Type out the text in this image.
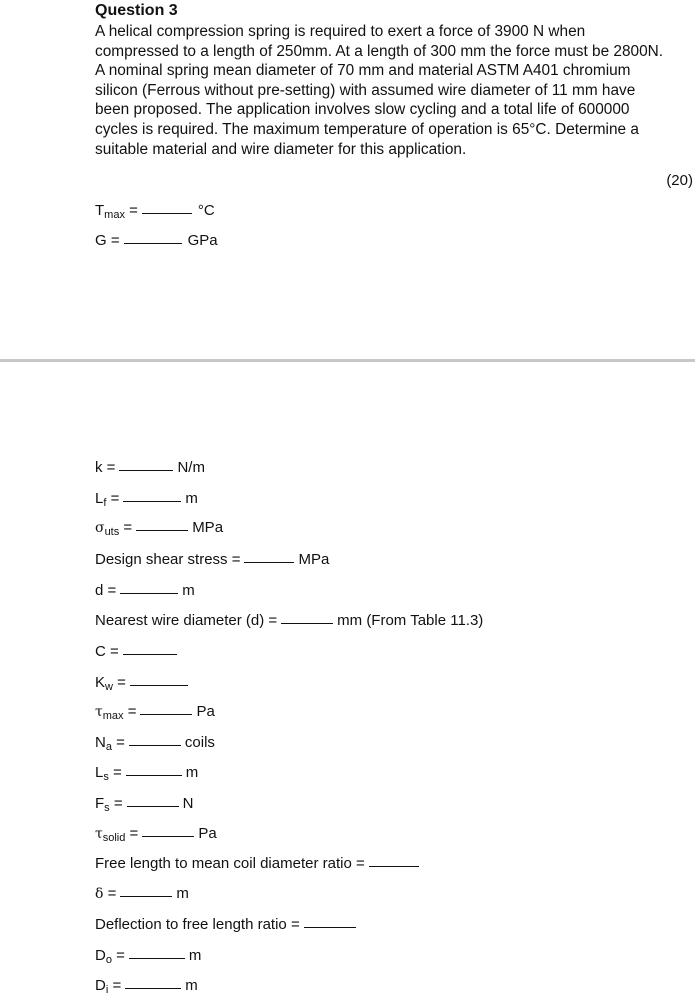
Question 3
A helical compression spring is required to exert a force of 3900 N when
compressed to a length of 250mm. At a length of 300 mm the force must be 2800N.
A nominal spring mean diameter of 70 mm and material ASTM A401 chromium
silicon (Ferrous without pre-setting) with assumed wire diameter of 11 mm have
been proposed. The application involves slow cycling and a total life of 600000
cycles is required. The maximum temperature of operation is 65°C. Determine a
suitable material and wire diameter for this application.
(20)
$T_{max}$ =	°C
G =	GPa
k =	N/m
$L_f$ =	m
$\sigma_{uts}$ =	MPa
Design shear stress =	MPa
d =	m
Nearest wire diameter (d) =	mm (From Table 11.3)
C =
$K_w$ =
$\tau_{max}$ =	Pa
$N_a$ =	coils
$L_s$ =	m
$F_s$ =	N
$\tau_{solid}$ =	Pa
Free length to mean coil diameter ratio =
δ =	m
Deflection to free length ratio =
$D_o$ =	m
$D_i$ =	m
